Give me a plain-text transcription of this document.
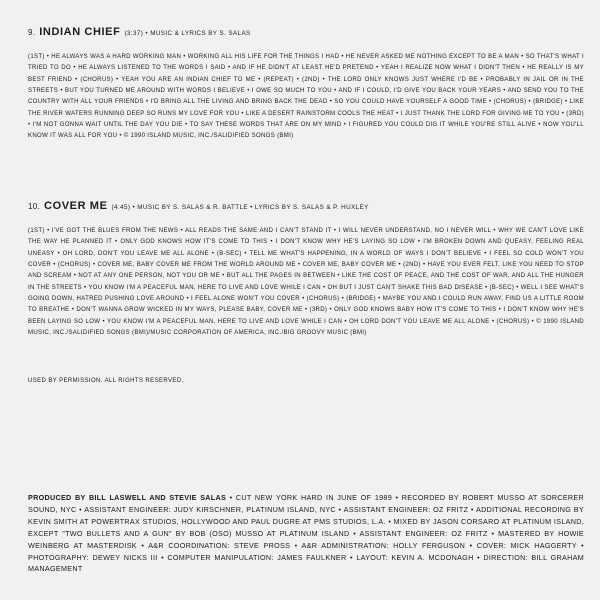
9. INDIAN CHIEF (3:37) • MUSIC & LYRICS BY S. SALAS

(1ST) • HE ALWAYS WAS A HARD WORKING MAN • WORKING ALL HIS LIFE FOR THE THINGS I HAD • HE NEVER ASKED ME NOTHING EXCEPT TO BE A MAN • SO THAT'S WHAT I TRIED TO DO • HE ALWAYS LISTENED TO THE WORDS I SAID • AND IF HE DIDN'T AT LEAST HE'D PRETEND • YEAH I REALIZE NOW WHAT I DIDN'T THEN • HE REALLY IS MY BEST FRIEND • (CHORUS) • YEAH YOU ARE AN INDIAN CHIEF TO ME • (REPEAT) • (2ND) • THE LORD ONLY KNOWS JUST WHERE I'D BE • PROBABLY IN JAIL OR IN THE STREETS • BUT YOU TURNED ME AROUND WITH WORDS I BELIEVE • I OWE SO MUCH TO YOU • AND IF I COULD, I'D GIVE YOU BACK YOUR YEARS • AND SEND YOU TO THE COUNTRY WITH ALL YOUR FRIENDS • I'D BRING ALL THE LIVING AND BRING BACK THE DEAD • SO YOU COULD HAVE YOURSELF A GOOD TIME • (CHORUS) • (BRIDGE) • LIKE THE RIVER WATERS RUNNING DEEP SO RUNS MY LOVE FOR YOU • LIKE A DESERT RAINSTORM COOLS THE HEAT • I JUST THANK THE LORD FOR GIVING ME TO YOU • (3RD) • I'M NOT GONNA WAIT UNTIL THE DAY YOU DIE • TO SAY THESE WORDS THAT ARE ON MY MIND • I FIGURED YOU COULD DIG IT WHILE YOU'RE STILL ALIVE • NOW YOU'LL KNOW IT WAS ALL FOR YOU • © 1990 ISLAND MUSIC, INC./SALIDIFIED SONGS (BMI)

10. COVER ME (4:45) • MUSIC BY S. SALAS & R. BATTLE • LYRICS BY S. SALAS & P. HUXLEY

(1ST) • I'VE GOT THE BLUES FROM THE NEWS • ALL READS THE SAME AND I CAN'T STAND IT • I WILL NEVER UNDERSTAND, NO I NEVER WILL • WHY WE CAN'T LOVE LIKE THE WAY HE PLANNED IT • ONLY GOD KNOWS HOW IT'S COME TO THIS • I DON'T KNOW WHY HE'S LAYING SO LOW • I'M BROKEN DOWN AND QUEASY, FEELING REAL UNEASY • OH LORD, DON'T YOU LEAVE ME ALL ALONE • (B-SEC) • TELL ME WHAT'S HAPPENING, IN A WORLD OF WAYS I DON'T BELIEVE • I FEEL SO COLD WON'T YOU COVER • (CHORUS) • COVER ME, BABY COVER ME FROM THE WORLD AROUND ME • COVER ME, BABY COVER ME • (2ND) • HAVE YOU EVER FELT, LIKE YOU NEED TO STOP AND SCREAM • NOT AT ANY ONE PERSON, NOT YOU OR ME • BUT ALL THE PAGES IN BETWEEN • LIKE THE COST OF PEACE, AND THE COST OF WAR, AND ALL THE HUNGER IN THE STREETS • YOU KNOW I'M A PEACEFUL MAN, HERE TO LIVE AND LOVE WHILE I CAN • OH BUT I JUST CAN'T SHAKE THIS BAD DISEASE • (B-SEC) • WELL I SEE WHAT'S GOING DOWN, HATRED PUSHING LOVE AROUND • I FEEL ALONE WON'T YOU COVER • (CHORUS) • (BRIDGE) • MAYBE YOU AND I COULD RUN AWAY, FIND US A LITTLE ROOM TO BREATHE • DON'T WANNA GROW WICKED IN MY WAYS, PLEASE BABY, COVER ME • (3RD) • ONLY GOD KNOWS BABY HOW IT'S COME TO THIS • I DON'T KNOW WHY HE'S BEEN LAYING SO LOW • YOU KNOW I'M A PEACEFUL MAN, HERE TO LIVE AND LOVE WHILE I CAN • OH LORD DON'T YOU LEAVE ME ALL ALONE • (CHORUS) • © 1990 ISLAND MUSIC, INC./SALIDIFIED SONGS (BMI)/MUSIC CORPORATION OF AMERICA, INC./BIG GROOVY MUSIC (BMI)

USED BY PERMISSION. ALL RIGHTS RESERVED.

PRODUCED BY BILL LASWELL AND STEVIE SALAS • CUT NEW YORK HARD IN JUNE OF 1989 • RECORDED BY ROBERT MUSSO AT SORCERER SOUND, NYC • ASSISTANT ENGINEER: JUDY KIRSCHNER, PLATINUM ISLAND, NYC • ASSISTANT ENGINEER: OZ FRITZ • ADDITIONAL RECORDING BY KEVIN SMITH AT POWERTRAX STUDIOS, HOLLYWOOD AND PAUL DUGRE AT PMS STUDIOS, L.A. • MIXED BY JASON CORSARO AT PLATINUM ISLAND, EXCEPT "TWO BULLETS AND A GUN" BY BOB (OSO) MUSSO AT PLATINUM ISLAND • ASSISTANT ENGINEER: OZ FRITZ • MASTERED BY HOWIE WEINBERG AT MASTERDISK • A&R COORDINATION: STEVE PROSS • A&R ADMINISTRATION: HOLLY FERGUSON • COVER: MICK HAGGERTY • PHOTOGRAPHY: DEWEY NICKS III • COMPUTER MANIPULATION: JAMES FAULKNER • LAYOUT: KEVIN A. MCDONAGH • DIRECTION: BILL GRAHAM MANAGEMENT
